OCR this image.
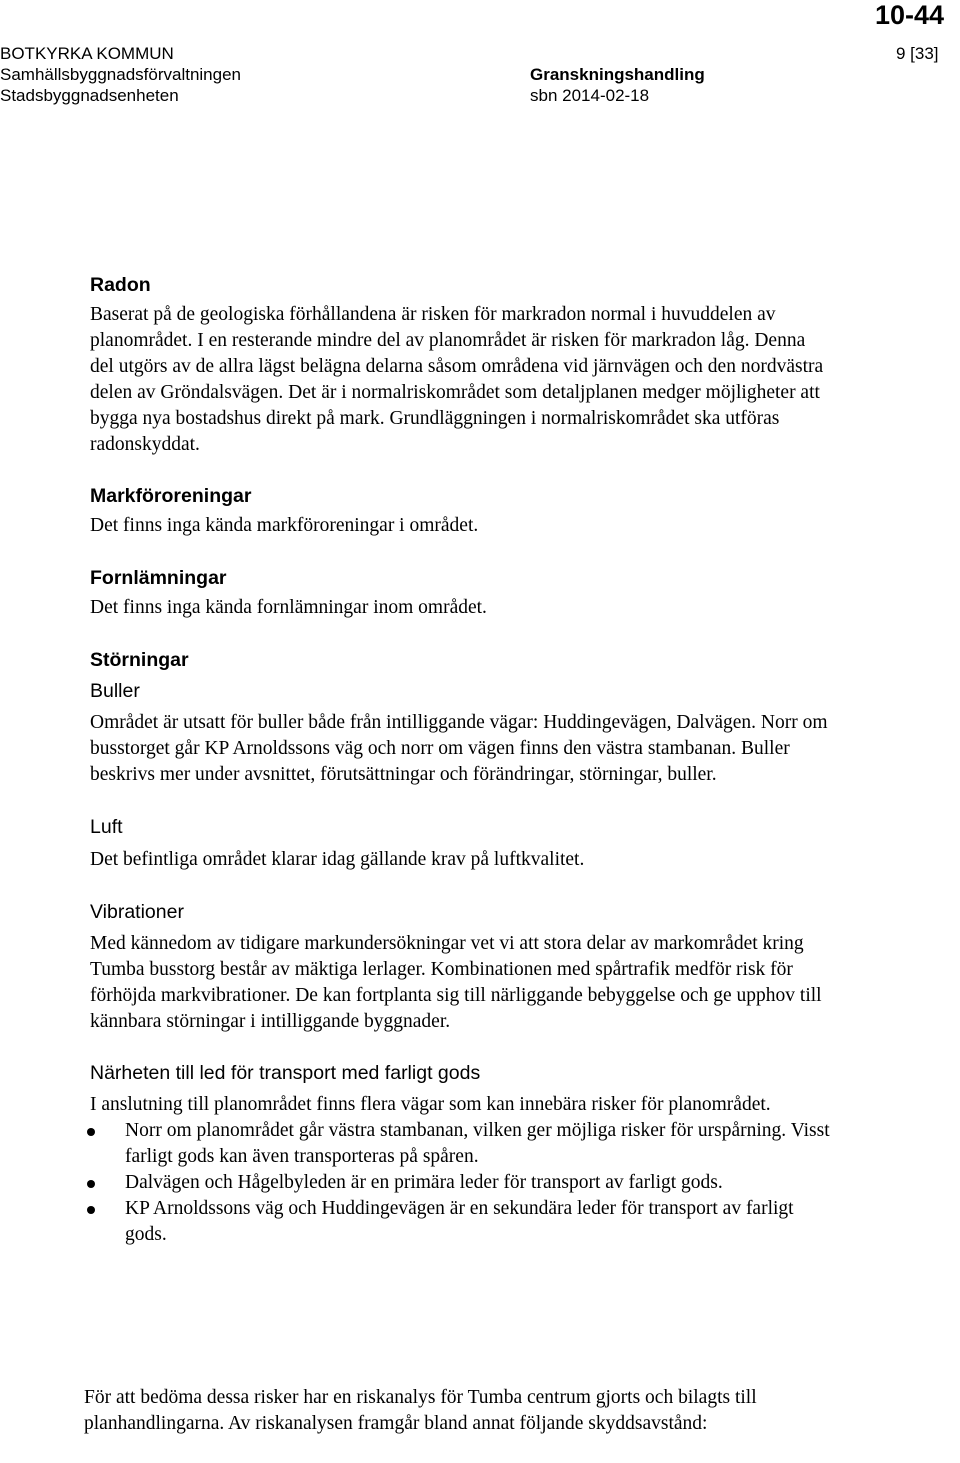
10-44
BOTKYRKA KOMMUN
Samhällsbyggnadsförvaltningen
Stadsbyggnadsenheten
Granskningshandling
sbn 2014-02-18
9 [33]
Radon

Baserat på de geologiska förhållandena är risken för markradon normal i huvuddelen av planområdet. I en resterande mindre del av planområdet är risken för markradon låg. Denna del utgörs av de allra lägst belägna delarna såsom områdena vid järnvägen och den nordvästra delen av Gröndalsvägen. Det är i normalriskområdet som detaljplanen medger möjligheter att bygga nya bostadshus direkt på mark. Grundläggningen i normalriskområdet ska utföras radonskyddat.

Markföroreningar

Det finns inga kända markföroreningar i området.

Fornlämningar

Det finns inga kända fornlämningar inom området.

Störningar
Buller

Området är utsatt för buller både från intilliggande vägar: Huddingevägen, Dalvägen. Norr om busstorget går KP Arnoldssons väg och norr om vägen finns den västra stambanan. Buller beskrivs mer under avsnittet, förutsättningar och förändringar, störningar, buller.

Luft

Det befintliga området klarar idag gällande krav på luftkvalitet.

Vibrationer

Med kännedom av tidigare markundersökningar vet vi att stora delar av markområdet kring Tumba busstorg består av mäktiga lerlager. Kombinationen med spårtrafik medför risk för förhöjda markvibrationer. De kan fortplanta sig till närliggande bebyggelse och ge upphov till kännbara störningar i intilliggande byggnader.

Närheten till led för transport med farligt gods

I anslutning till planområdet finns flera vägar som kan innebära risker för planområdet.

Norr om planområdet går västra stambanan, vilken ger möjliga risker för urspårning. Visst farligt gods kan även transporteras på spåren.
Dalvägen och Hågelbyleden är en primära leder för transport av farligt gods.
KP Arnoldssons väg och Huddingevägen är en sekundära leder för transport av farligt gods.

För att bedöma dessa risker har en riskanalys för Tumba centrum gjorts och bilagts till planhandlingarna. Av riskanalysen framgår bland annat följande skyddsavstånd:
